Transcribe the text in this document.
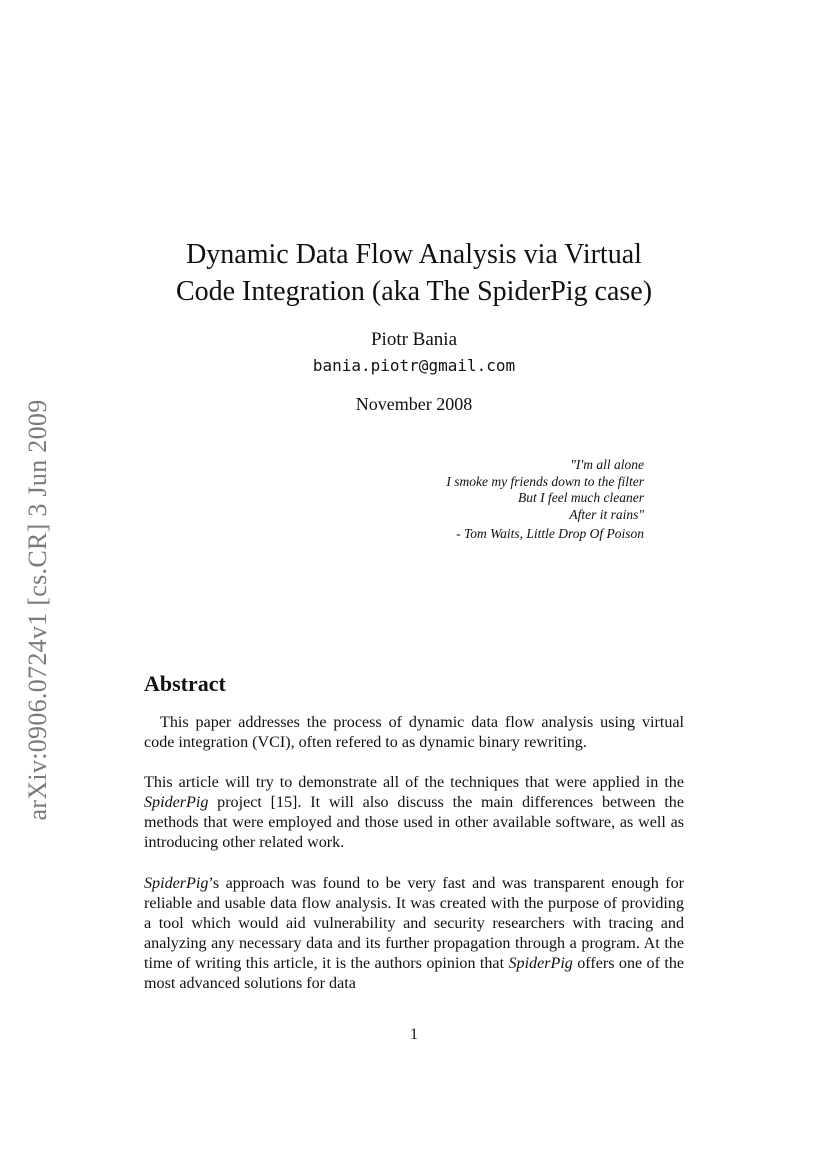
arXiv:0906.0724v1 [cs.CR] 3 Jun 2009
Dynamic Data Flow Analysis via Virtual
Code Integration (aka The SpiderPig case)
Piotr Bania
bania.piotr@gmail.com
November 2008
"I'm all alone
I smoke my friends down to the filter
But I feel much cleaner
After it rains"
- Tom Waits, Little Drop Of Poison
Abstract
This paper addresses the process of dynamic data flow analysis using virtual code integration (VCI), often refered to as dynamic binary rewriting.
This article will try to demonstrate all of the techniques that were applied in the SpiderPig project [15]. It will also discuss the main differences between the methods that were employed and those used in other available software, as well as introducing other related work.
SpiderPig’s approach was found to be very fast and was transparent enough for reliable and usable data flow analysis. It was created with the purpose of providing a tool which would aid vulnerability and security researchers with tracing and analyzing any necessary data and its further propagation through a program. At the time of writing this article, it is the authors opinion that SpiderPig offers one of the most advanced solutions for data
1
